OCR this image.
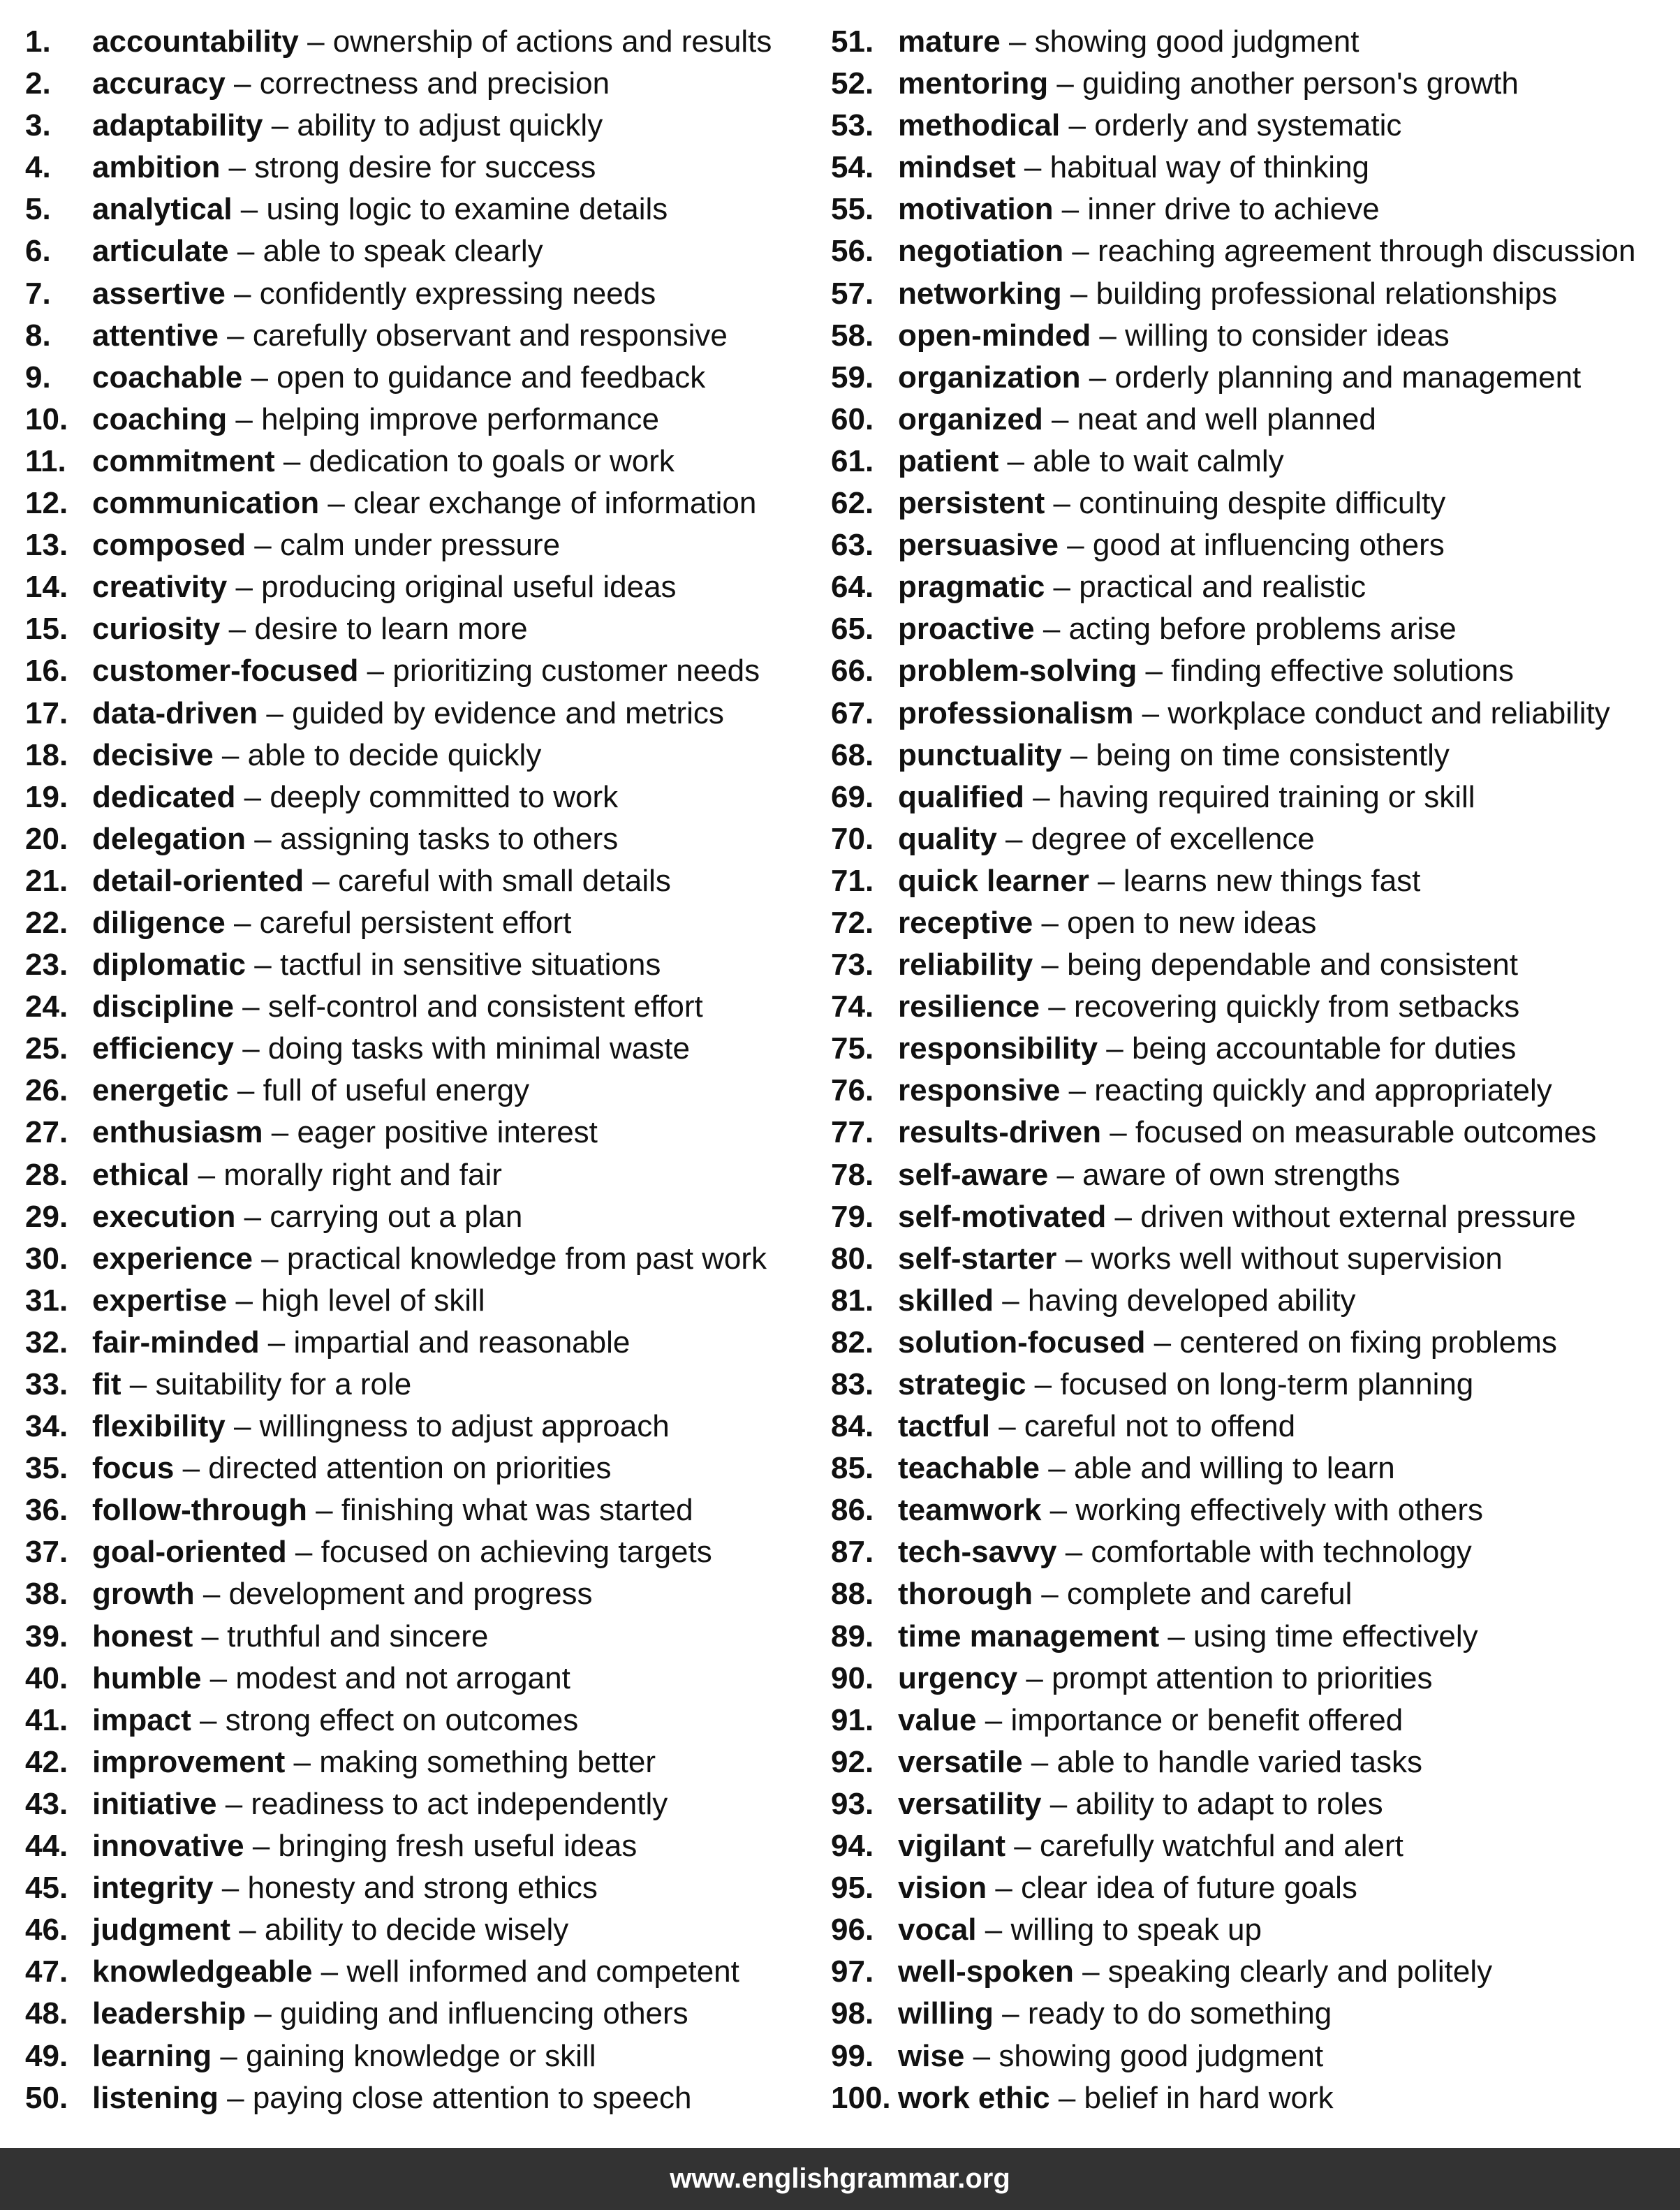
1.	accountability – ownership of actions and results
2.	accuracy – correctness and precision
3.	adaptability – ability to adjust quickly
4.	ambition – strong desire for success
5.	analytical – using logic to examine details
6.	articulate – able to speak clearly
7.	assertive – confidently expressing needs
8.	attentive – carefully observant and responsive
9.	coachable – open to guidance and feedback
10. coaching – helping improve performance
11. commitment – dedication to goals or work
12. communication – clear exchange of information
13. composed – calm under pressure
14. creativity – producing original useful ideas
15. curiosity – desire to learn more
16. customer-focused – prioritizing customer needs
17. data-driven – guided by evidence and metrics
18. decisive – able to decide quickly
19. dedicated – deeply committed to work
20. delegation – assigning tasks to others
21. detail-oriented – careful with small details
22. diligence – careful persistent effort
23. diplomatic – tactful in sensitive situations
24. discipline – self-control and consistent effort
25. efficiency – doing tasks with minimal waste
26. energetic – full of useful energy
27. enthusiasm – eager positive interest
28. ethical – morally right and fair
29. execution – carrying out a plan
30. experience – practical knowledge from past work
31. expertise – high level of skill
32. fair-minded – impartial and reasonable
33. fit – suitability for a role
34. flexibility – willingness to adjust approach
35. focus – directed attention on priorities
36. follow-through – finishing what was started
37. goal-oriented – focused on achieving targets
38. growth – development and progress
39. honest – truthful and sincere
40. humble – modest and not arrogant
41. impact – strong effect on outcomes
42. improvement – making something better
43. initiative – readiness to act independently
44. innovative – bringing fresh useful ideas
45. integrity – honesty and strong ethics
46. judgment – ability to decide wisely
47. knowledgeable – well informed and competent
48. leadership – guiding and influencing others
49. learning – gaining knowledge or skill
50. listening – paying close attention to speech
51. mature – showing good judgment
52. mentoring – guiding another person's growth
53. methodical – orderly and systematic
54. mindset – habitual way of thinking
55. motivation – inner drive to achieve
56. negotiation – reaching agreement through discussion
57. networking – building professional relationships
58. open-minded – willing to consider ideas
59. organization – orderly planning and management
60. organized – neat and well planned
61. patient – able to wait calmly
62. persistent – continuing despite difficulty
63. persuasive – good at influencing others
64. pragmatic – practical and realistic
65. proactive – acting before problems arise
66. problem-solving – finding effective solutions
67. professionalism – workplace conduct and reliability
68. punctuality – being on time consistently
69. qualified – having required training or skill
70. quality – degree of excellence
71. quick learner – learns new things fast
72. receptive – open to new ideas
73. reliability – being dependable and consistent
74. resilience – recovering quickly from setbacks
75. responsibility – being accountable for duties
76. responsive – reacting quickly and appropriately
77. results-driven – focused on measurable outcomes
78. self-aware – aware of own strengths
79. self-motivated – driven without external pressure
80. self-starter – works well without supervision
81. skilled – having developed ability
82. solution-focused – centered on fixing problems
83. strategic – focused on long-term planning
84. tactful – careful not to offend
85. teachable – able and willing to learn
86. teamwork – working effectively with others
87. tech-savvy – comfortable with technology
88. thorough – complete and careful
89. time management – using time effectively
90. urgency – prompt attention to priorities
91. value – importance or benefit offered
92. versatile – able to handle varied tasks
93. versatility – ability to adapt to roles
94. vigilant – carefully watchful and alert
95. vision – clear idea of future goals
96. vocal – willing to speak up
97. well-spoken – speaking clearly and politely
98. willing – ready to do something
99. wise – showing good judgment
100. work ethic – belief in hard work
www.englishgrammar.org
